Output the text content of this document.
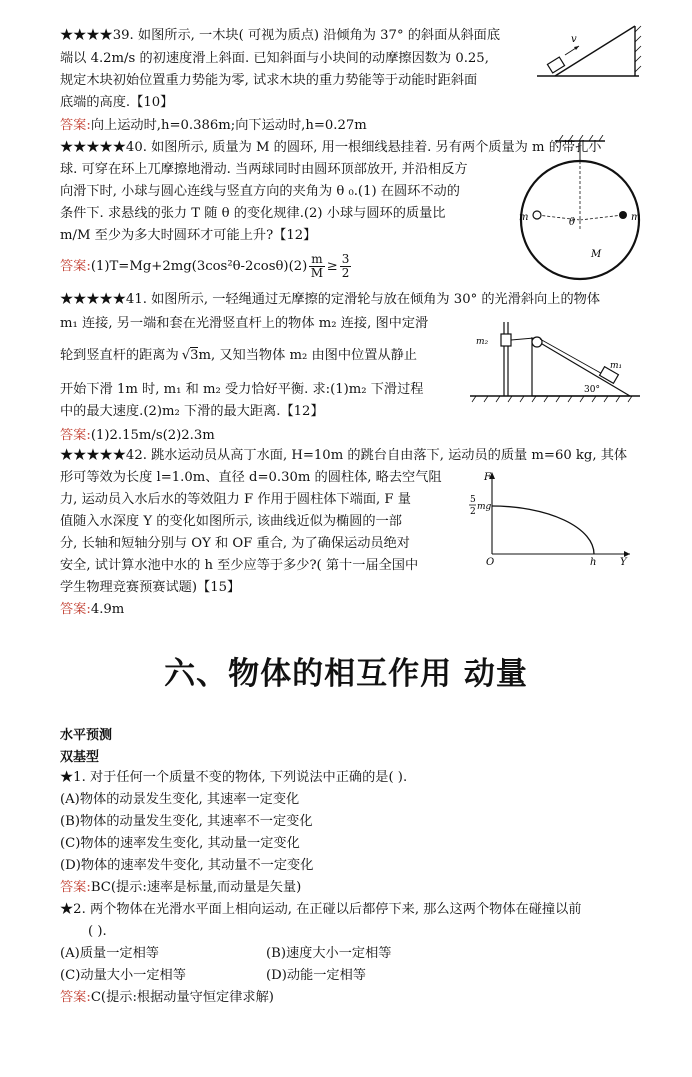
★★★★39. 如图所示, 一木块( 可视为质点) 沿倾角为 37° 的斜面从斜面底
端以 4.2m/s 的初速度滑上斜面. 已知斜面与小块间的动摩擦因数为 0.25,
规定木块初始位置重力势能为零, 试求木块的重力势能等于动能时距斜面
底端的高度.【10】
答案:向上运动时,h=0.386m;向下运动时,h=0.27m
v
★★★★★40. 如图所示, 质量为 M 的圆环, 用一根细线悬挂着. 另有两个质量为 m 的带孔小
球. 可穿在环上兀摩擦地滑动. 当两球同时由圆环顶部放开, 并沿相反方
向滑下时, 小球与圆心连线与竖直方向的夹角为 θ ₀.(1) 在圆环不动的
条件下. 求悬线的张力 T 随 θ 的变化规律.(2) 小球与圆环的质量比
m/M 至少为多大时圆环才可能上升?【12】
答案:(1)T=Mg+2mg(3cos²θ-2cosθ)(2) $\frac{m}{M} \ge \frac{3}{2}$
m	m
θ
M
★★★★★41. 如图所示, 一轻绳通过无摩擦的定滑轮与放在倾角为 30° 的光滑斜向上的物体
m₁ 连接, 另一端和套在光滑竖直杆上的物体 m₂ 连接, 图中定滑
轮到竖直杆的距离为 √3m, 又知当物体 m₂ 由图中位置从静止
开始下滑 1m 时, m₁ 和 m₂ 受力恰好平衡. 求:(1)m₂ 下滑过程
中的最大速度.(2)m₂ 下滑的最大距离.【12】
答案:(1)2.15m/s(2)2.3m
m₂
m₁
30°
★★★★★42. 跳水运动员从高丁水面, H=10m 的跳台自由落下, 运动员的质量 m=60 kg, 其体
形可等效为长度 l=1.0m、直径 d=0.30m 的圆柱体, 略去空气阻
力, 运动员入水后水的等效阻力 F 作用于圆柱体下端面, F 量
值随入水深度 Y 的变化如图所示, 该曲线近似为椭圆的一部
分, 长轴和短轴分别与 OY 和 OF 重合, 为了确保运动员绝对
安全, 试计算水池中水的 h 至少应等于多少?( 第十一届全国中
学生物理竞赛预赛试题)【15】
答案:4.9m
F
5
2 mg
O	h Y
六、物体的相互作用 动量
水平预测
双基型
★1. 对于任何一个质量不变的物体, 下列说法中正确的是( ).
(A)物体的动景发生变化, 其速率一定变化
(B)物体的动量发生变化, 其速率不一定变化
(C)物体的速率发生变化, 其动量一定变化
(D)物体的速率发牛变化, 其动量不一定变化
答案:BC(提示:速率是标量,而动量是矢量)
★2. 两个物体在光滑水平面上相向运动, 在正碰以后都停下来, 那么这两个物体在碰撞以前
( ).
(A)质量一定相等	(B)速度大小一定相等
(C)动量大小一定相等	(D)动能一定相等
答案:C(提示:根据动量守恒定律求解)
